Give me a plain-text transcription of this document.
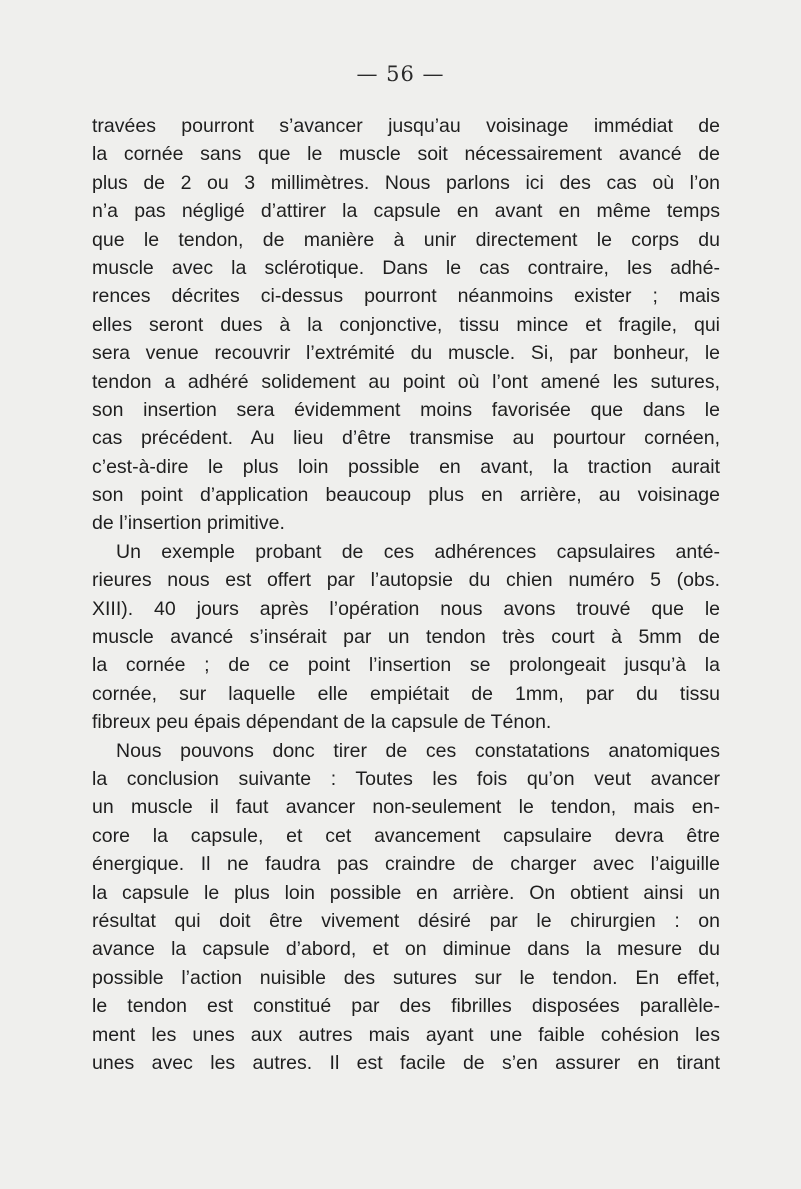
— 56 —
travées pourront s’avancer jusqu’au voisinage immédiat de
la cornée sans que le muscle soit nécessairement avancé de
plus de 2 ou 3 millimètres. Nous parlons ici des cas où l’on
n’a pas négligé d’attirer la capsule en avant en même temps
que le tendon, de manière à unir directement le corps du
muscle avec la sclérotique. Dans le cas contraire, les adhé-
rences décrites ci-dessus pourront néanmoins exister ; mais
elles seront dues à la conjonctive, tissu mince et fragile, qui
sera venue recouvrir l’extrémité du muscle. Si, par bonheur, le
tendon a adhéré solidement au point où l’ont amené les sutures,
son insertion sera évidemment moins favorisée que dans le
cas précédent. Au lieu d’être transmise au pourtour cornéen,
c’est-à-dire le plus loin possible en avant, la traction aurait
son point d’application beaucoup plus en arrière, au voisinage
de l’insertion primitive.
Un exemple probant de ces adhérences capsulaires anté-
rieures nous est offert par l’autopsie du chien numéro 5 (obs.
XIII). 40 jours après l’opération nous avons trouvé que le
muscle avancé s’insérait par un tendon très court à 5mm de
la cornée ; de ce point l’insertion se prolongeait jusqu’à la
cornée, sur laquelle elle empiétait de 1mm, par du tissu
fibreux peu épais dépendant de la capsule de Ténon.
Nous pouvons donc tirer de ces constatations anatomiques
la conclusion suivante : Toutes les fois qu’on veut avancer
un muscle il faut avancer non-seulement le tendon, mais en-
core la capsule, et cet avancement capsulaire devra être
énergique. Il ne faudra pas craindre de charger avec l’aiguille
la capsule le plus loin possible en arrière. On obtient ainsi un
résultat qui doit être vivement désiré par le chirurgien : on
avance la capsule d’abord, et on diminue dans la mesure du
possible l’action nuisible des sutures sur le tendon. En effet,
le tendon est constitué par des fibrilles disposées parallèle-
ment les unes aux autres mais ayant une faible cohésion les
unes avec les autres. Il est facile de s’en assurer en tirant
